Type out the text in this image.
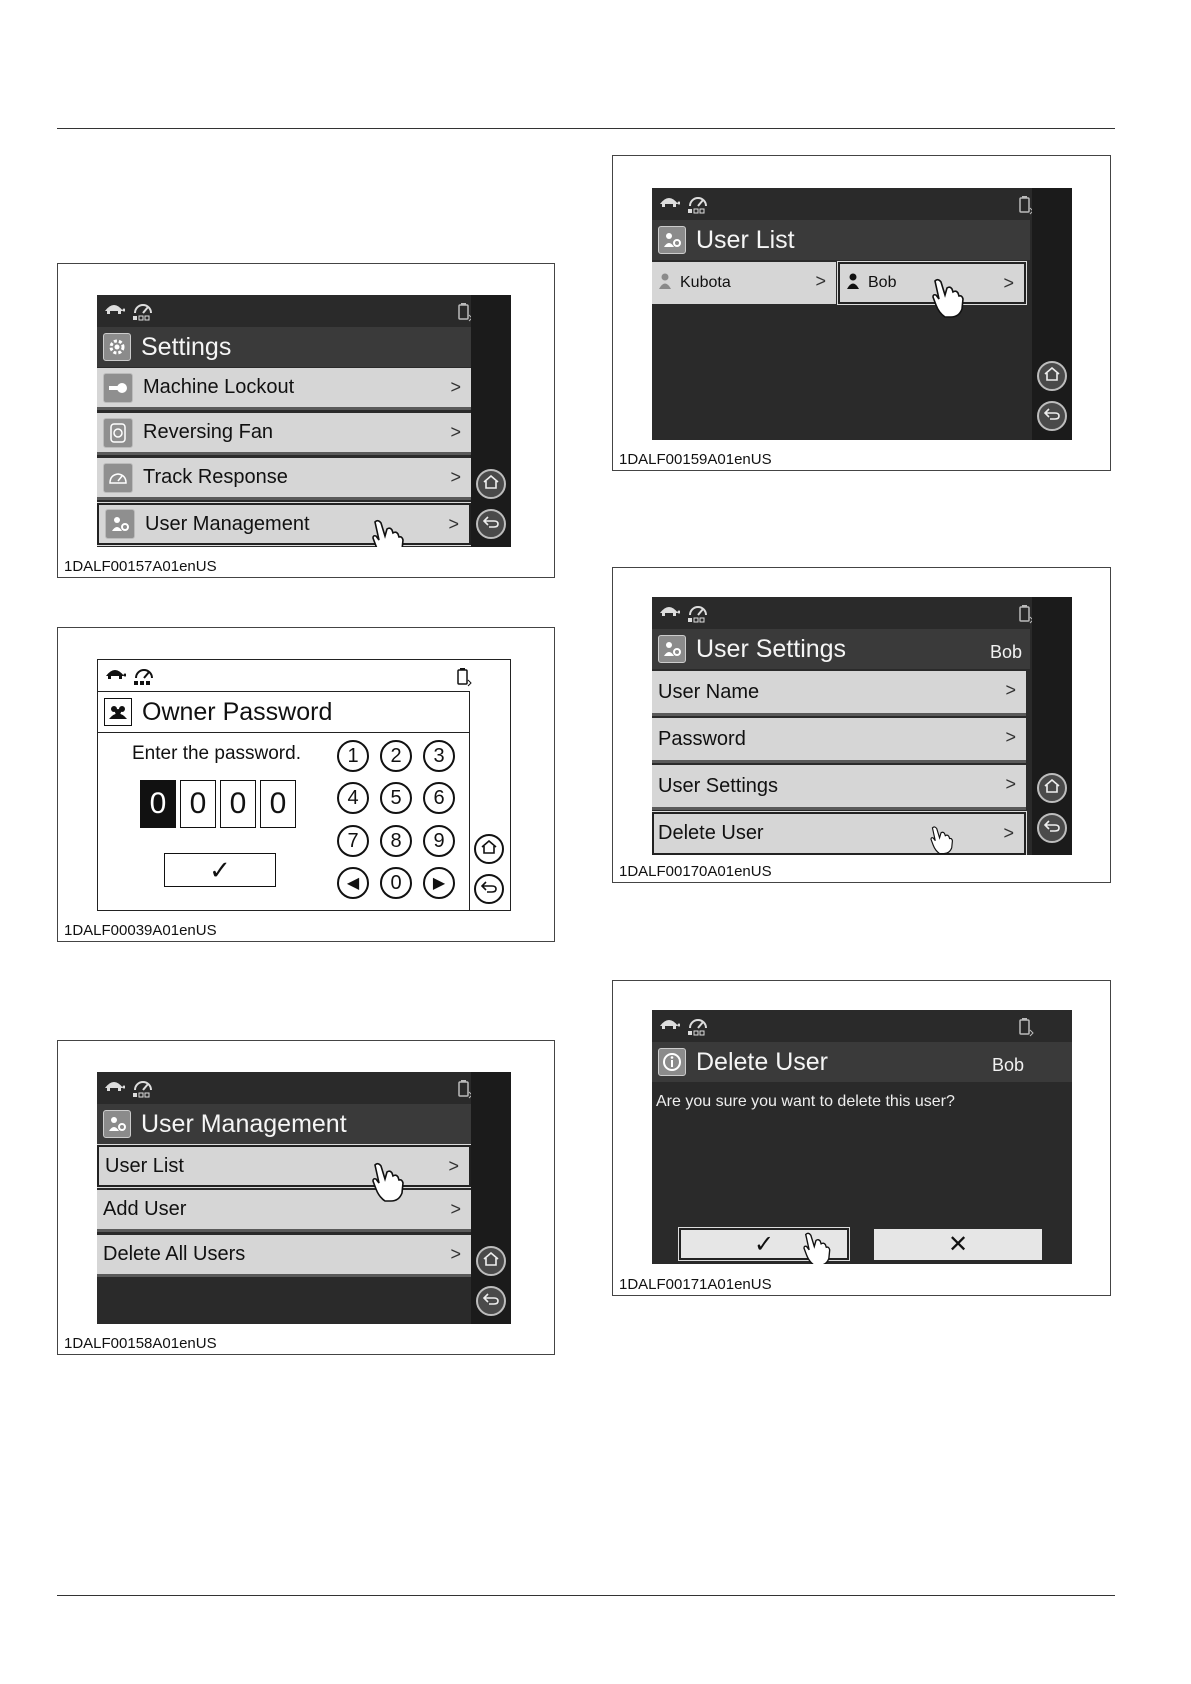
Settings
Machine Lockout	>
Reversing Fan	>
Track Response	>
User Management	>
1DALF00157A01enUS
Owner Password
Enter the password.
0 0 0 0
✓
1	2	3
4	5	6
7	8	9
◀	0	▶
1DALF00039A01enUS
User Management
User List	>
Add User	>
Delete All Users	>
1DALF00158A01enUS
User List
Kubota	>	Bob	>
1DALF00159A01enUS
User Settings	Bob
User Name	>
Password	>
User Settings	>
Delete User	>
1DALF00170A01enUS
Delete User	Bob
Are you sure you want to delete this user?
✓	✕
1DALF00171A01enUS
